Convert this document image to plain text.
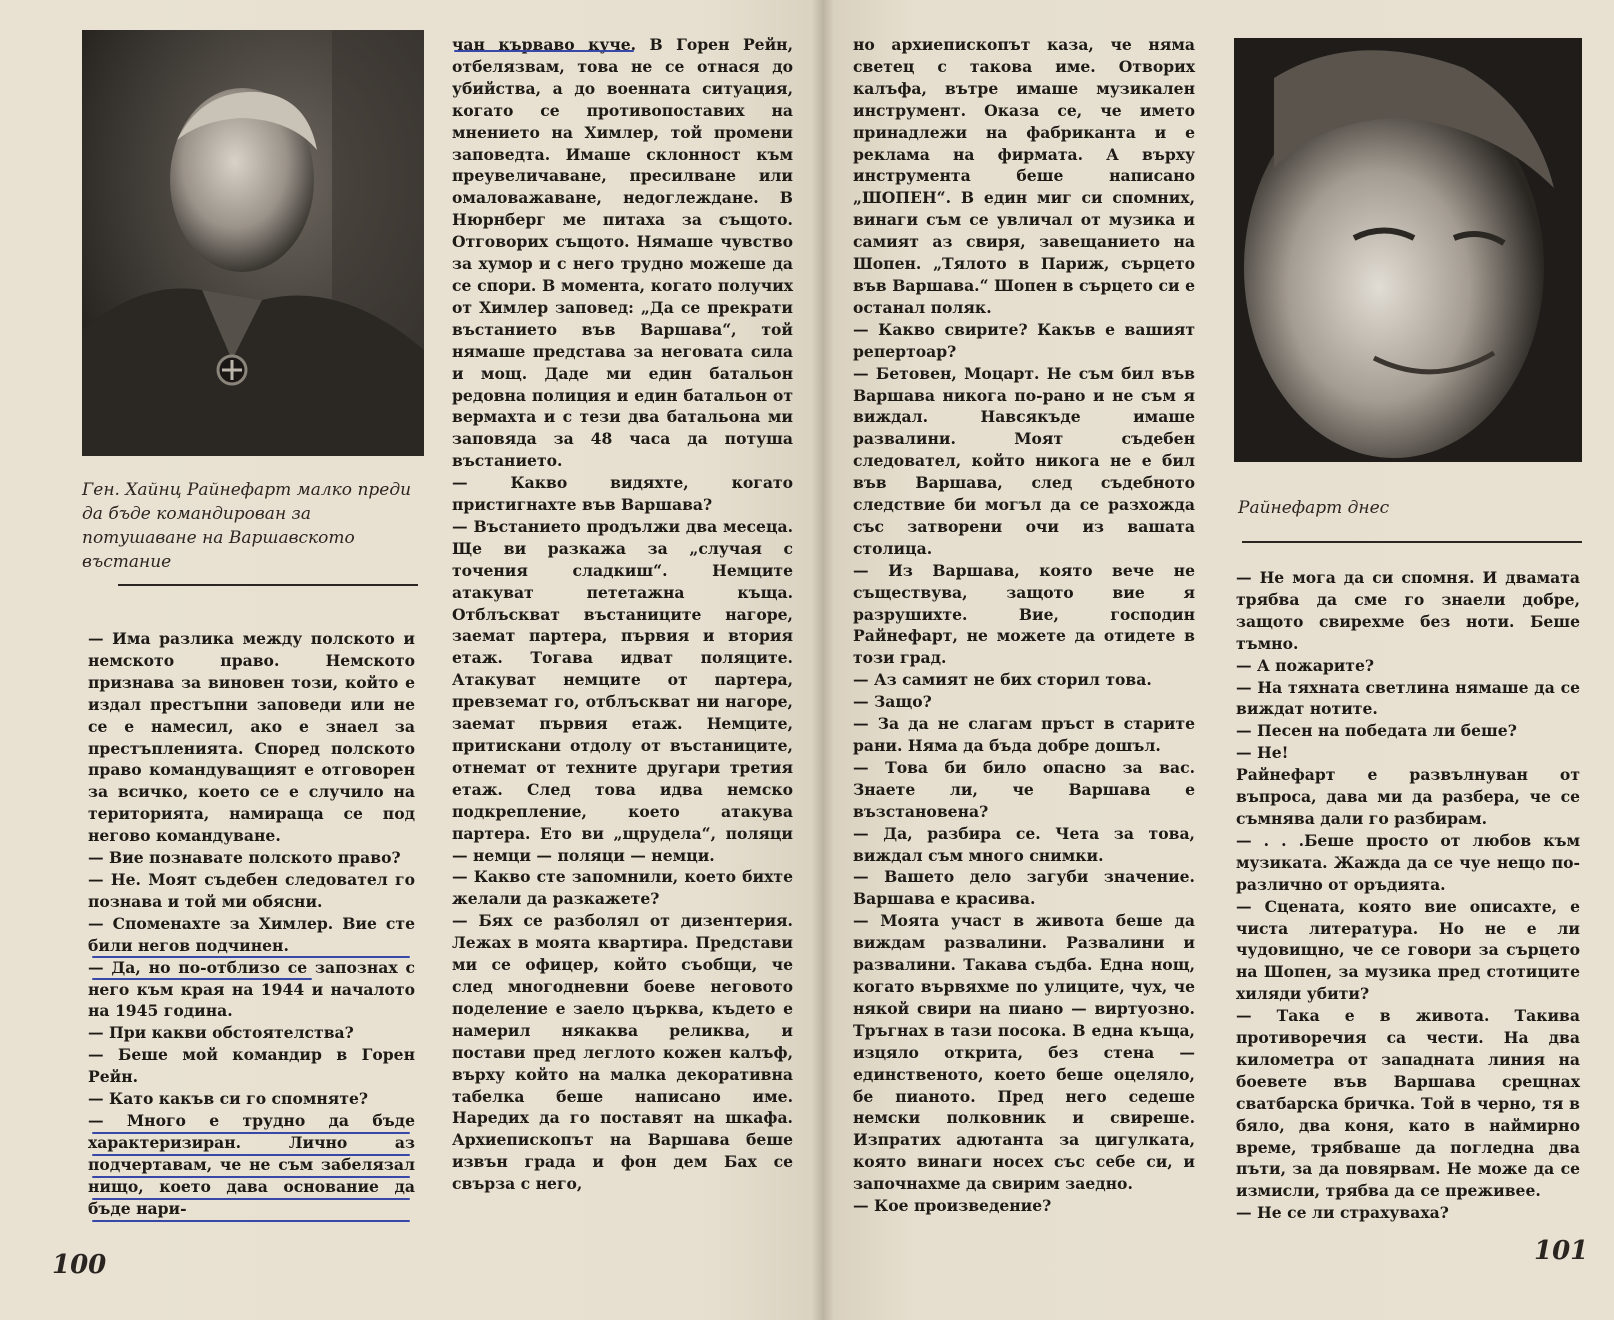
Ген. Хайнц Райнефарт малко преди да бъде командирован за потушаване на Варшавското въстание

— Има разлика между полското и немското право. Немското признава за виновен този, който е издал престъпни заповеди или не се е намесил, ако е знаел за престъпленията. Според полското право командуващият е отговорен за всичко, което се е случило на територията, намираща се под негово командуване.

— Вие познавате полското право?

— Не. Моят съдебен следовател го познава и той ми обясни.

— Споменахте за Химлер. Вие сте били негов подчинен.

— Да, но по-отблизо се запознах с него към края на 1944 и началото на 1945 година.

— При какви обстоятелства?

— Беше мой командир в Горен Рейн.

— Като какъв си го спомняте?

— Много е трудно да бъде характеризиран. Лично аз подчертавам, че не съм забелязал нищо, което дава основание да бъде нари-

чан кърваво куче. В Горен Рейн, отбелязвам, това не се отнася до убийства, а до военната ситуация, когато се противопоставих на мнението на Химлер, той промени заповедта. Имаше склонност към преувеличаване, пресилване или омаловажаване, недоглеждане. В Нюрнберг ме питаха за същото. Отговорих същото. Нямаше чувство за хумор и с него трудно можеше да се спори. В момента, когато получих от Химлер заповед: „Да се прекрати въстанието във Варшава“, той нямаше представа за неговата сила и мощ. Даде ми един батальон редовна полиция и един батальон от вермахта и с тези два батальона ми заповяда за 48 часа да потуша въстанието.

— Какво видяхте, когато пристигнахте във Варшава?

— Въстанието продължи два месеца. Ще ви разкажа за „случая с точения сладкиш“. Немците атакуват пететажна къща. Отблъскват въстаниците нагоре, заемат партера, първия и втория етаж. Тогава идват поляците. Атакуват немците от партера, превземат го, отблъскват ни нагоре, заемат първия етаж. Немците, притискани отдолу от въстаниците, отнемат от техните другари третия етаж. След това идва немско подкрепление, което атакува партера. Ето ви „щрудела“, поляци — немци — поляци — немци.

— Какво сте запомнили, което бихте желали да разкажете?

— Бях се разболял от дизентерия. Лежах в моята квартира. Представи ми се офицер, който съобщи, че след многодневни боеве неговото поделение е заело църква, където е намерил някаква реликва, и постави пред леглото кожен калъф, върху който на малка декоративна табелка беше написано име. Наредих да го поставят на шкафа. Архиепископът на Варшава беше извън града и фон дем Бах се свърза с него,

100

но архиепископът каза, че няма светец с такова име. Отворих калъфа, вътре имаше музикален инструмент. Оказа се, че името принадлежи на фабриканта и е реклама на фирмата. А върху инструмента беше написано „ШОПЕН“. В един миг си спомних, винаги съм се увличал от музика и самият аз свиря, завещанието на Шопен. „Тялото в Париж, сърцето във Варшава.“ Шопен в сърцето си е останал поляк.

— Какво свирите? Какъв е вашият репертоар?

— Бетовен, Моцарт. Не съм бил във Варшава никога по-рано и не съм я виждал. Навсякъде имаше развалини. Моят съдебен следовател, който никога не е бил във Варшава, след съдебното следствие би могъл да се разхожда със затворени очи из вашата столица.

— Из Варшава, която вече не съществува, защото вие я разрушихте. Вие, господин Райнефарт, не можете да отидете в този град.

— Аз самият не бих сторил това.

— Защо?

— За да не слагам пръст в старите рани. Няма да бъда добре дошъл.

— Това би било опасно за вас. Знаете ли, че Варшава е възстановена?

— Да, разбира се. Чета за това, виждал съм много снимки.

— Вашето дело загуби значение. Варшава е красива.

— Моята участ в живота беше да виждам развалини. Развалини и развалини. Такава съдба. Една нощ, когато вървяхме по улиците, чух, че някой свири на пиано — виртуозно. Тръгнах в тази посока. В една къща, изцяло открита, без стена — единственото, което беше оцеляло, бе пианото. Пред него седеше немски полковник и свиреше. Изпратих адютанта за цигулката, която винаги носех със себе си, и започнахме да свирим заедно.

— Кое произведение?

Райнефарт днес

— Не мога да си спомня. И двамата трябва да сме го знаели добре, защото свирехме без ноти. Беше тъмно.

— А пожарите?

— На тяхната светлина нямаше да се виждат нотите.

— Песен на победата ли беше?

— Не!

Райнефарт е развълнуван от въпроса, дава ми да разбера, че се съмнява дали го разбирам.

— . . .Беше просто от любов към музиката. Жажда да се чуе нещо по-различно от оръдията.

— Сцената, която вие описахте, е чиста литература. Но не е ли чудовищно, че се говори за сърцето на Шопен, за музика пред стотиците хиляди убити?

— Така е в живота. Такива противоречия са чести. На два километра от западната линия на боевете във Варшава срещнах сватбарска бричка. Той в черно, тя в бяло, два коня, като в наймирно време, трябваше да погледна два пъти, за да повярвам. Не може да се измисли, трябва да се преживее.

— Не се ли страхуваха?

101
